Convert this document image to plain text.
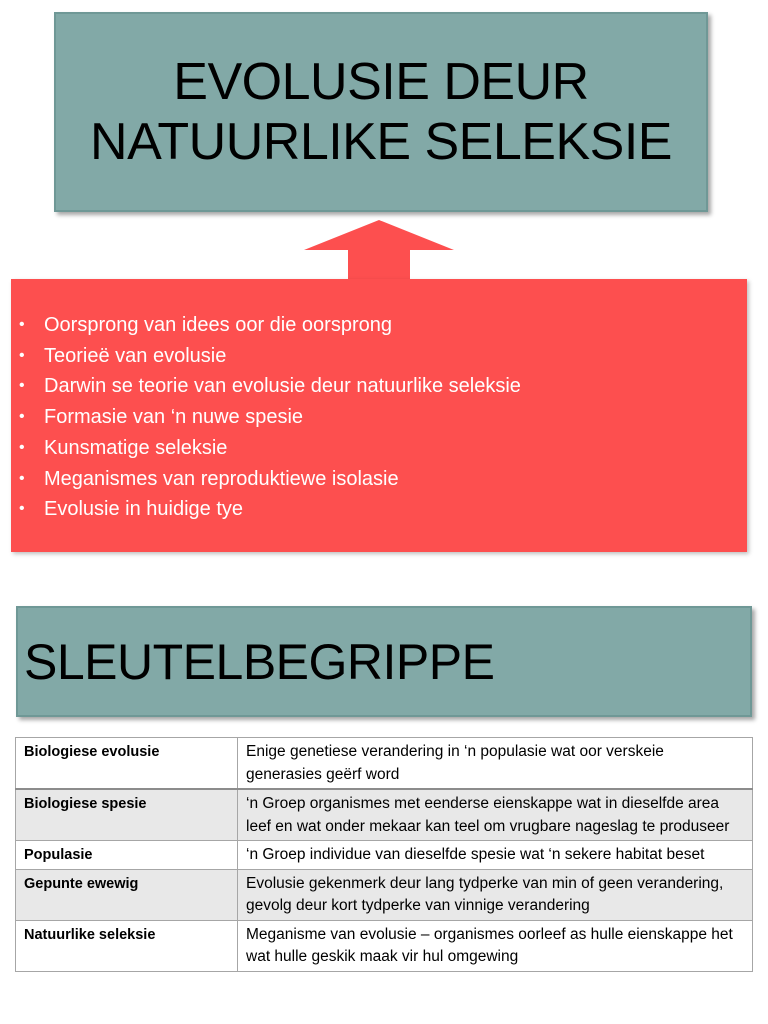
EVOLUSIE DEUR
NATUURLIKE SELEKSIE
• Oorsprong van idees oor die oorsprong
• Teorieë van evolusie
• Darwin se teorie van evolusie deur natuurlike seleksie
• Formasie van ‘n nuwe spesie
• Kunsmatige seleksie
• Meganismes van reproduktiewe isolasie
• Evolusie in huidige tye
SLEUTELBEGRIPPE
Biologiese evolusie	Enige genetiese verandering in ‘n populasie wat oor verskeie generasies geërf word
Biologiese spesie	‘n Groep organismes met eenderse eienskappe wat in dieselfde area leef en wat onder mekaar kan teel om vrugbare nageslag te produseer
Populasie	‘n Groep individue van dieselfde spesie wat ‘n sekere habitat beset
Gepunte ewewig	Evolusie gekenmerk deur lang tydperke van min of geen verandering, gevolg deur kort tydperke van vinnige verandering
Natuurlike seleksie	Meganisme van evolusie – organismes oorleef as hulle eienskappe het wat hulle geskik maak vir hul omgewing
